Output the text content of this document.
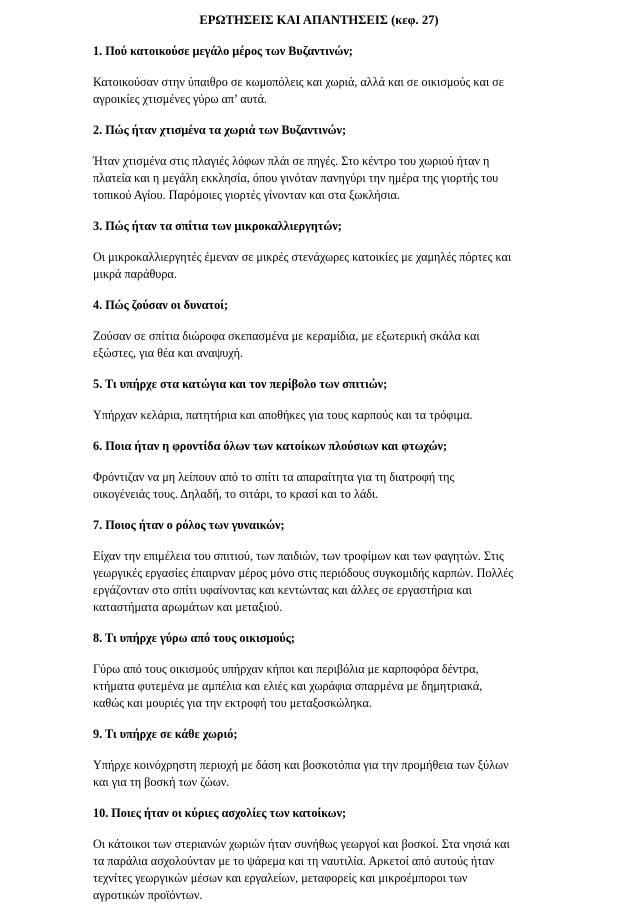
ΕΡΩΤΗΣΕΙΣ ΚΑΙ ΑΠΑΝΤΗΣΕΙΣ (κεφ. 27)
1. Πού κατοικούσε μεγάλο μέρος των Βυζαντινών;
Κατοικούσαν στην ύπαιθρο σε κωμοπόλεις και χωριά, αλλά και σε οικισμούς και σε
αγροικίες χτισμένες γύρω απ’ αυτά.
2. Πώς ήταν χτισμένα τα χωριά των Βυζαντινών;
Ήταν χτισμένα στις πλαγιές λόφων πλάι σε πηγές. Στο κέντρο του χωριού ήταν η
πλατεία και η μεγάλη εκκλησία, όπου γινόταν πανηγύρι την ημέρα της γιορτής του
τοπικού Αγίου. Παρόμοιες γιορτές γίνονταν και στα ξωκλήσια.
3. Πώς ήταν τα σπίτια των μικροκαλλιεργητών;
Οι μικροκαλλιεργητές έμεναν σε μικρές στενάχωρες κατοικίες με χαμηλές πόρτες και
μικρά παράθυρα.
4. Πώς ζούσαν οι δυνατοί;
Ζούσαν σε σπίτια διώροφα σκεπασμένα με κεραμίδια, με εξωτερική σκάλα και
εξώστες, για θέα και αναψυχή.
5. Τι υπήρχε στα κατώγια και τον περίβολο των σπιτιών;
Υπήρχαν κελάρια, πατητήρια και αποθήκες για τους καρπούς και τα τρόφιμα.
6. Ποια ήταν η φροντίδα όλων των κατοίκων πλούσιων και φτωχών;
Φρόντιζαν να μη λείπουν από το σπίτι τα απαραίτητα για τη διατροφή της
οικογένειάς τους. Δηλαδή, το σιτάρι, το κρασί και το λάδι.
7. Ποιος ήταν ο ρόλος των γυναικών;
Είχαν την επιμέλεια του σπιτιού, των παιδιών, των τροφίμων και των φαγητών. Στις
γεωργικές εργασίες έπαιρναν μέρος μόνο στις περιόδους συγκομιδής καρπών. Πολλές
εργάζονταν στο σπίτι υφαίνοντας και κεντώντας και άλλες σε εργαστήρια και
καταστήματα αρωμάτων και μεταξιού.
8. Τι υπήρχε γύρω από τους οικισμούς;
Γύρω από τους οικισμούς υπήρχαν κήποι και περιβόλια με καρποφόρα δέντρα,
κτήματα φυτεμένα με αμπέλια και ελιές και χωράφια σπαρμένα με δημητριακά,
καθώς και μουριές για την εκτροφή του μεταξοσκώληκα.
9. Τι υπήρχε σε κάθε χωριό;
Υπήρχε κοινόχρηστη περιοχή με δάση και βοσκοτόπια για την προμήθεια των ξύλων
και για τη βοσκή των ζώων.
10. Ποιες ήταν οι κύριες ασχολίες των κατοίκων;
Οι κάτοικοι των στεριανών χωριών ήταν συνήθως γεωργοί και βοσκοί. Στα νησιά και
τα παράλια ασχολούνταν με το ψάρεμα και τη ναυτιλία. Αρκετοί από αυτούς ήταν
τεχνίτες γεωργικών μέσων και εργαλείων, μεταφορείς και μικροέμποροι των
αγροτικών προϊόντων.
